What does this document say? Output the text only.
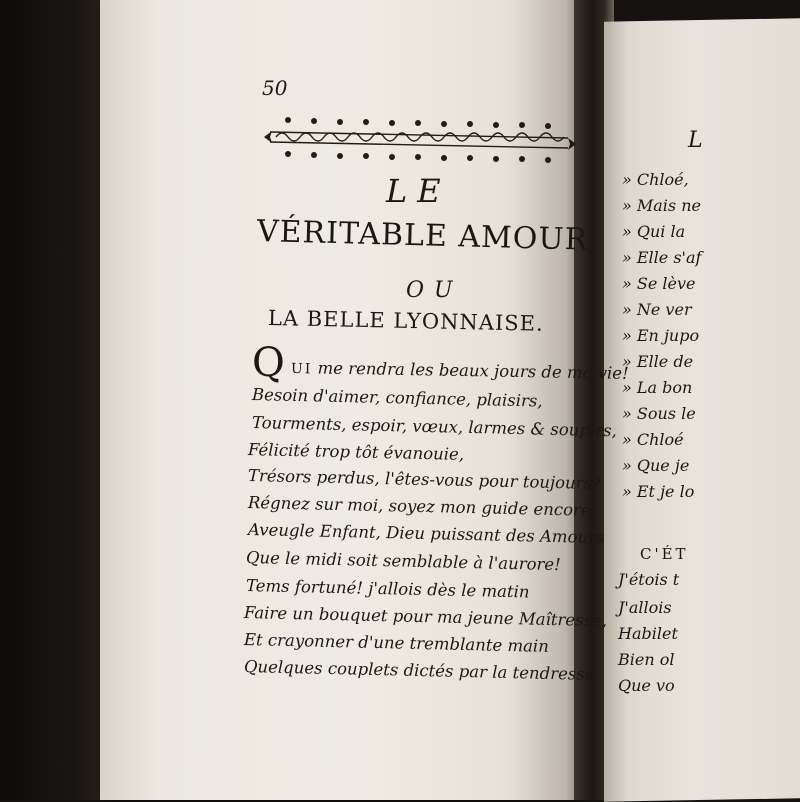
50
LE
VÉRITABLE AMOUR,
OU
LA BELLE LYONNAISE.
Q UI me rendra les beaux jours de ma vie!
Besoin d'aimer, confiance, plaisirs,
Tourments, espoir, vœux, larmes & soupirs,
Félicité trop tôt évanouie,
Trésors perdus, l'êtes-vous pour toujours?
Régnez sur moi, soyez mon guide encore,
Aveugle Enfant, Dieu puissant des Amours
Que le midi soit semblable à l'aurore!
Tems fortuné! j'allois dès le matin
Faire un bouquet pour ma jeune Maîtresse,
Et crayonner d'une tremblante main
Quelques couplets dictés par la tendresse.
L
» Chloé,
» Mais ne
» Qui la
» Elle s'af
» Se lève
» Ne ver
» En jupo
» Elle de
» La bon
» Sous le
» Chloé
» Que je
» Et je lo
C'ÉT
J'étois t
J'allois
Habilet
Bien ol
Que vo
